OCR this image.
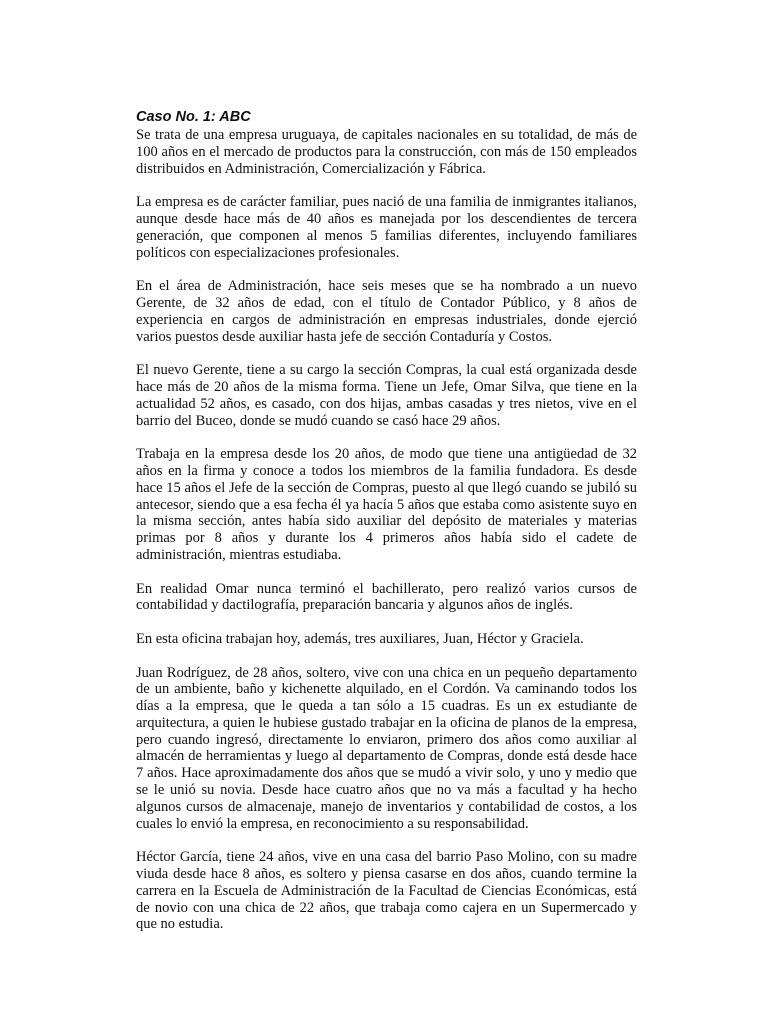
Caso No. 1: ABC

Se trata de una empresa uruguaya, de capitales nacionales en su totalidad, de más de 100 años en el mercado de productos para la construcción, con más de 150 empleados distribuidos en Administración, Comercialización y Fábrica.

La empresa es de carácter familiar, pues nació de una familia de inmigrantes italianos, aunque desde hace más de 40 años es manejada por los descendientes de tercera generación, que componen al menos 5 familias diferentes, incluyendo familiares políticos con especializaciones profesionales.

En el área de Administración, hace seis meses que se ha nombrado a un nuevo Gerente, de 32 años de edad, con el título de Contador Público, y 8 años de experiencia en cargos de administración en empresas industriales, donde ejerció varios puestos desde auxiliar hasta jefe de sección Contaduría y Costos.

El nuevo Gerente, tiene a su cargo la sección Compras, la cual está organizada desde hace más de 20 años de la misma forma. Tiene un Jefe, Omar Silva, que tiene en la actualidad 52 años, es casado, con dos hijas, ambas casadas y tres nietos, vive en el barrio del Buceo, donde se mudó cuando se casó hace 29 años.

Trabaja en la empresa desde los 20 años, de modo que tiene una antigüedad de 32 años en la firma y conoce a todos los miembros de la familia fundadora. Es desde hace 15 años el Jefe de la sección de Compras, puesto al que llegó cuando se jubiló su antecesor, siendo que a esa fecha él ya hacía 5 años que estaba como asistente suyo en la misma sección, antes había sido auxiliar del depósito de materiales y materias primas por 8 años y durante los 4 primeros años había sido el cadete de administración, mientras estudiaba.

En realidad Omar nunca terminó el bachillerato, pero realizó varios cursos de contabilidad y dactilografía, preparación bancaria y algunos años de inglés.

En esta oficina trabajan hoy, además, tres auxiliares, Juan, Héctor y Graciela.

Juan Rodríguez, de 28 años, soltero, vive con una chica en un pequeño departamento de un ambiente, baño y kichenette alquilado, en el Cordón. Va caminando todos los días a la empresa, que le queda a tan sólo a 15 cuadras. Es un ex estudiante de arquitectura, a quien le hubiese gustado trabajar en la oficina de planos de la empresa, pero cuando ingresó, directamente lo enviaron, primero dos años como auxiliar al almacén de herramientas y luego al departamento de Compras, donde está desde hace 7 años. Hace aproximadamente dos años que se mudó a vivir solo, y uno y medio que se le unió su novia. Desde hace cuatro años que no va más a facultad y ha hecho algunos cursos de almacenaje, manejo de inventarios y contabilidad de costos, a los cuales lo envió la empresa, en reconocimiento a su responsabilidad.

Héctor García, tiene 24 años, vive en una casa del barrio Paso Molino, con su madre viuda desde hace 8 años, es soltero y piensa casarse en dos años, cuando termine la carrera en la Escuela de Administración de la Facultad de Ciencias Económicas, está de novio con una chica de 22 años, que trabaja como cajera en un Supermercado y que no estudia.
